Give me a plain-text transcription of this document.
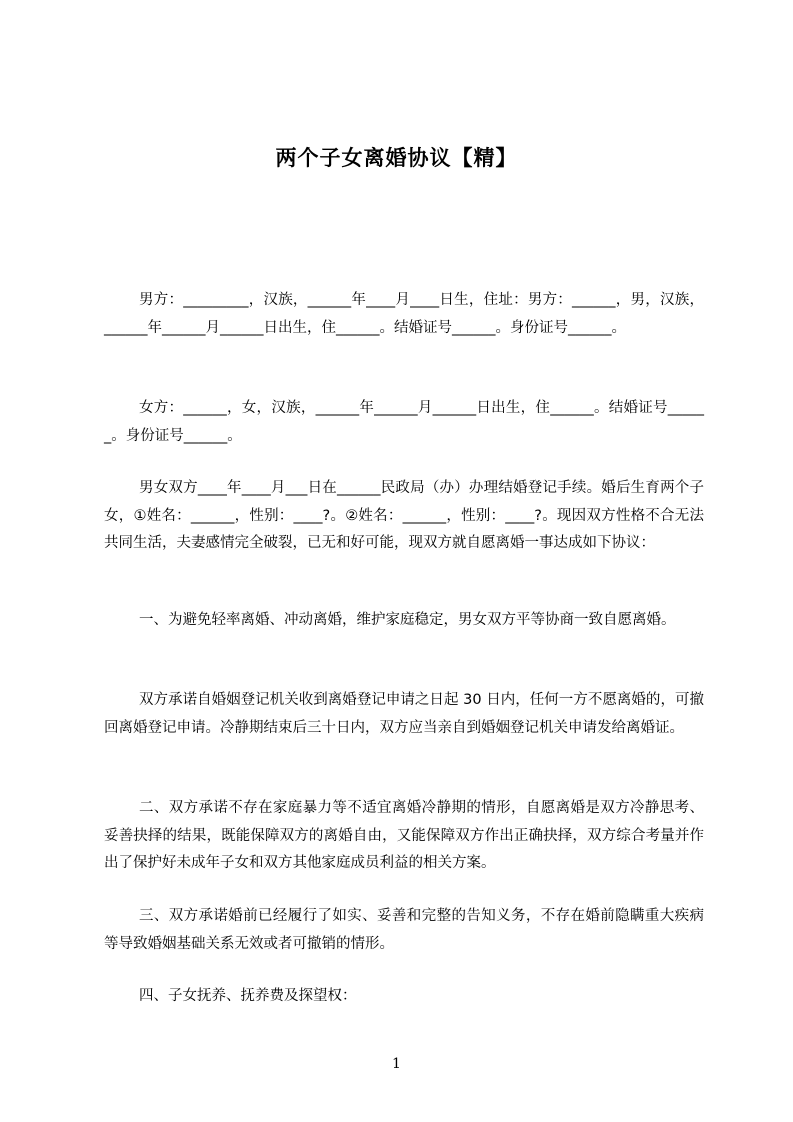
两个子女离婚协议【精】

男方：_________，汉族，______年____月____日生，住址：男方：______，男，汉族，______年______月______日出生，住______。结婚证号______。身份证号______。

女方：______，女，汉族，______年______月______日出生，住______。结婚证号______。身份证号______。

男女双方____年____月___日在______民政局（办）办理结婚登记手续。婚后生育两个子女，①姓名：______，性别：____?。②姓名：______，性别：____?。现因双方性格不合无法共同生活，夫妻感情完全破裂，已无和好可能，现双方就自愿离婚一事达成如下协议：

一、为避免轻率离婚、冲动离婚，维护家庭稳定，男女双方平等协商一致自愿离婚。

双方承诺自婚姻登记机关收到离婚登记申请之日起 30 日内，任何一方不愿离婚的，可撤回离婚登记申请。冷静期结束后三十日内，双方应当亲自到婚姻登记机关申请发给离婚证。

二、双方承诺不存在家庭暴力等不适宜离婚冷静期的情形，自愿离婚是双方冷静思考、妥善抉择的结果，既能保障双方的离婚自由，又能保障双方作出正确抉择，双方综合考量并作出了保护好未成年子女和双方其他家庭成员利益的相关方案。

三、双方承诺婚前已经履行了如实、妥善和完整的告知义务，不存在婚前隐瞒重大疾病等导致婚姻基础关系无效或者可撤销的情形。

四、子女抚养、抚养费及探望权：

1
